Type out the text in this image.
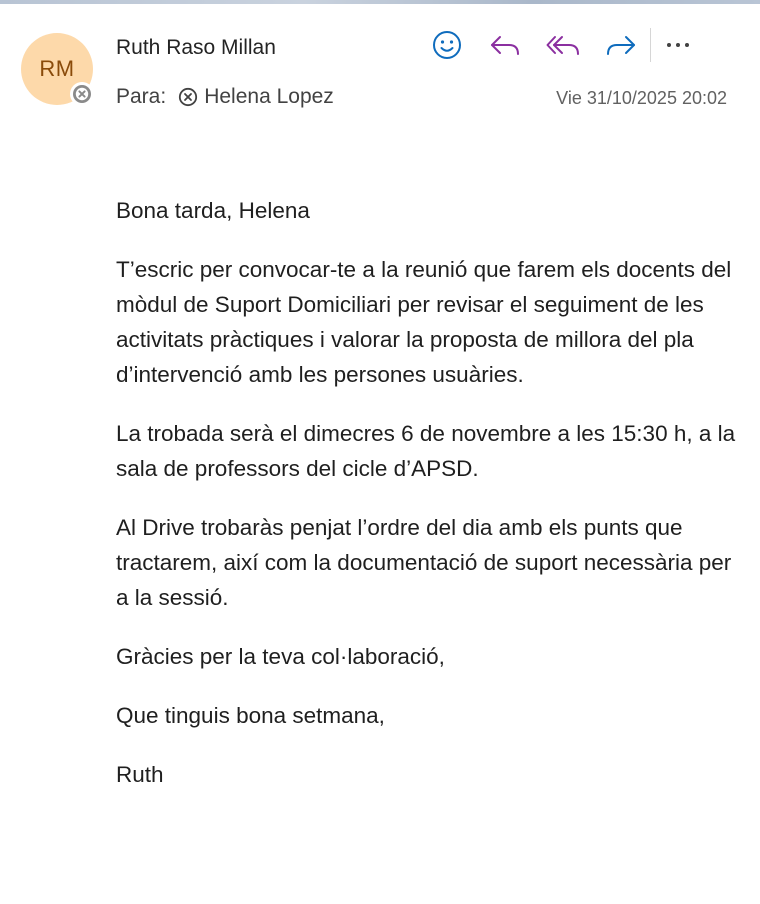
RM
Ruth Raso Millan
Para: Helena Lopez	Vie 31/10/2025 20:02

Bona tarda, Helena

T’escric per convocar-te a la reunió que farem els docents del mòdul de Suport Domiciliari per revisar el seguiment de les activitats pràctiques i valorar la proposta de millora del pla d’intervenció amb les persones usuàries.

La trobada serà el dimecres 6 de novembre a les 15:30 h, a la sala de professors del cicle d’APSD.

Al Drive trobaràs penjat l’ordre del dia amb els punts que tractarem, així com la documentació de suport necessària per a la sessió.

Gràcies per la teva col·laboració,

Que tinguis bona setmana,

Ruth
